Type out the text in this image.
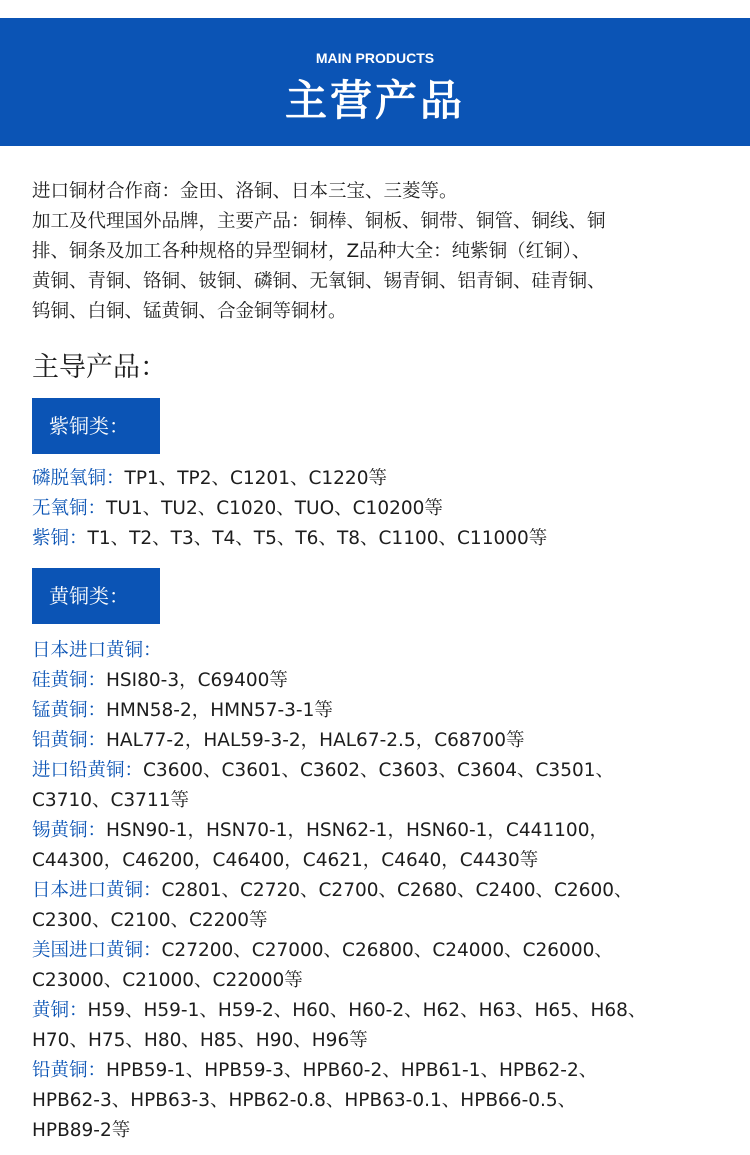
MAIN PRODUCTS
主营产品

进口铜材合作商：金田、洛铜、日本三宝、三菱等。

加工及代理国外品牌，主要产品：铜棒、铜板、铜带、铜管、铜线、铜

排、铜条及加工各种规格的异型铜材，Z品种大全：纯紫铜（红铜）、

黄铜、青铜、铬铜、铍铜、磷铜、无氧铜、锡青铜、铝青铜、硅青铜、

钨铜、白铜、锰黄铜、合金铜等铜材。

主导产品：
紫铜类：
磷脱氧铜：TP1、TP2、C1201、C1220等
无氧铜：TU1、TU2、C1020、TUO、C10200等
紫铜：T1、T2、T3、T4、T5、T6、T8、C1100、C11000等
黄铜类：
日本进口黄铜：
硅黄铜：HSI80-3，C69400等
锰黄铜：HMN58-2，HMN57-3-1等
铝黄铜：HAL77-2，HAL59-3-2，HAL67-2.5，C68700等
进口铅黄铜：C3600、C3601、C3602、C3603、C3604、C3501、
C3710、C3711等
锡黄铜：HSN90-1，HSN70-1，HSN62-1，HSN60-1，C441100，
C44300，C46200，C46400，C4621，C4640，C4430等
日本进口黄铜：C2801、C2720、C2700、C2680、C2400、C2600、
C2300、C2100、C2200等
美国进口黄铜：C27200、C27000、C26800、C24000、C26000、
C23000、C21000、C22000等
黄铜：H59、H59-1、H59-2、H60、H60-2、H62、H63、H65、H68、
H70、H75、H80、H85、H90、H96等
铅黄铜：HPB59-1、HPB59-3、HPB60-2、HPB61-1、HPB62-2、
HPB62-3、HPB63-3、HPB62-0.8、HPB63-0.1、HPB66-0.5、
HPB89-2等
